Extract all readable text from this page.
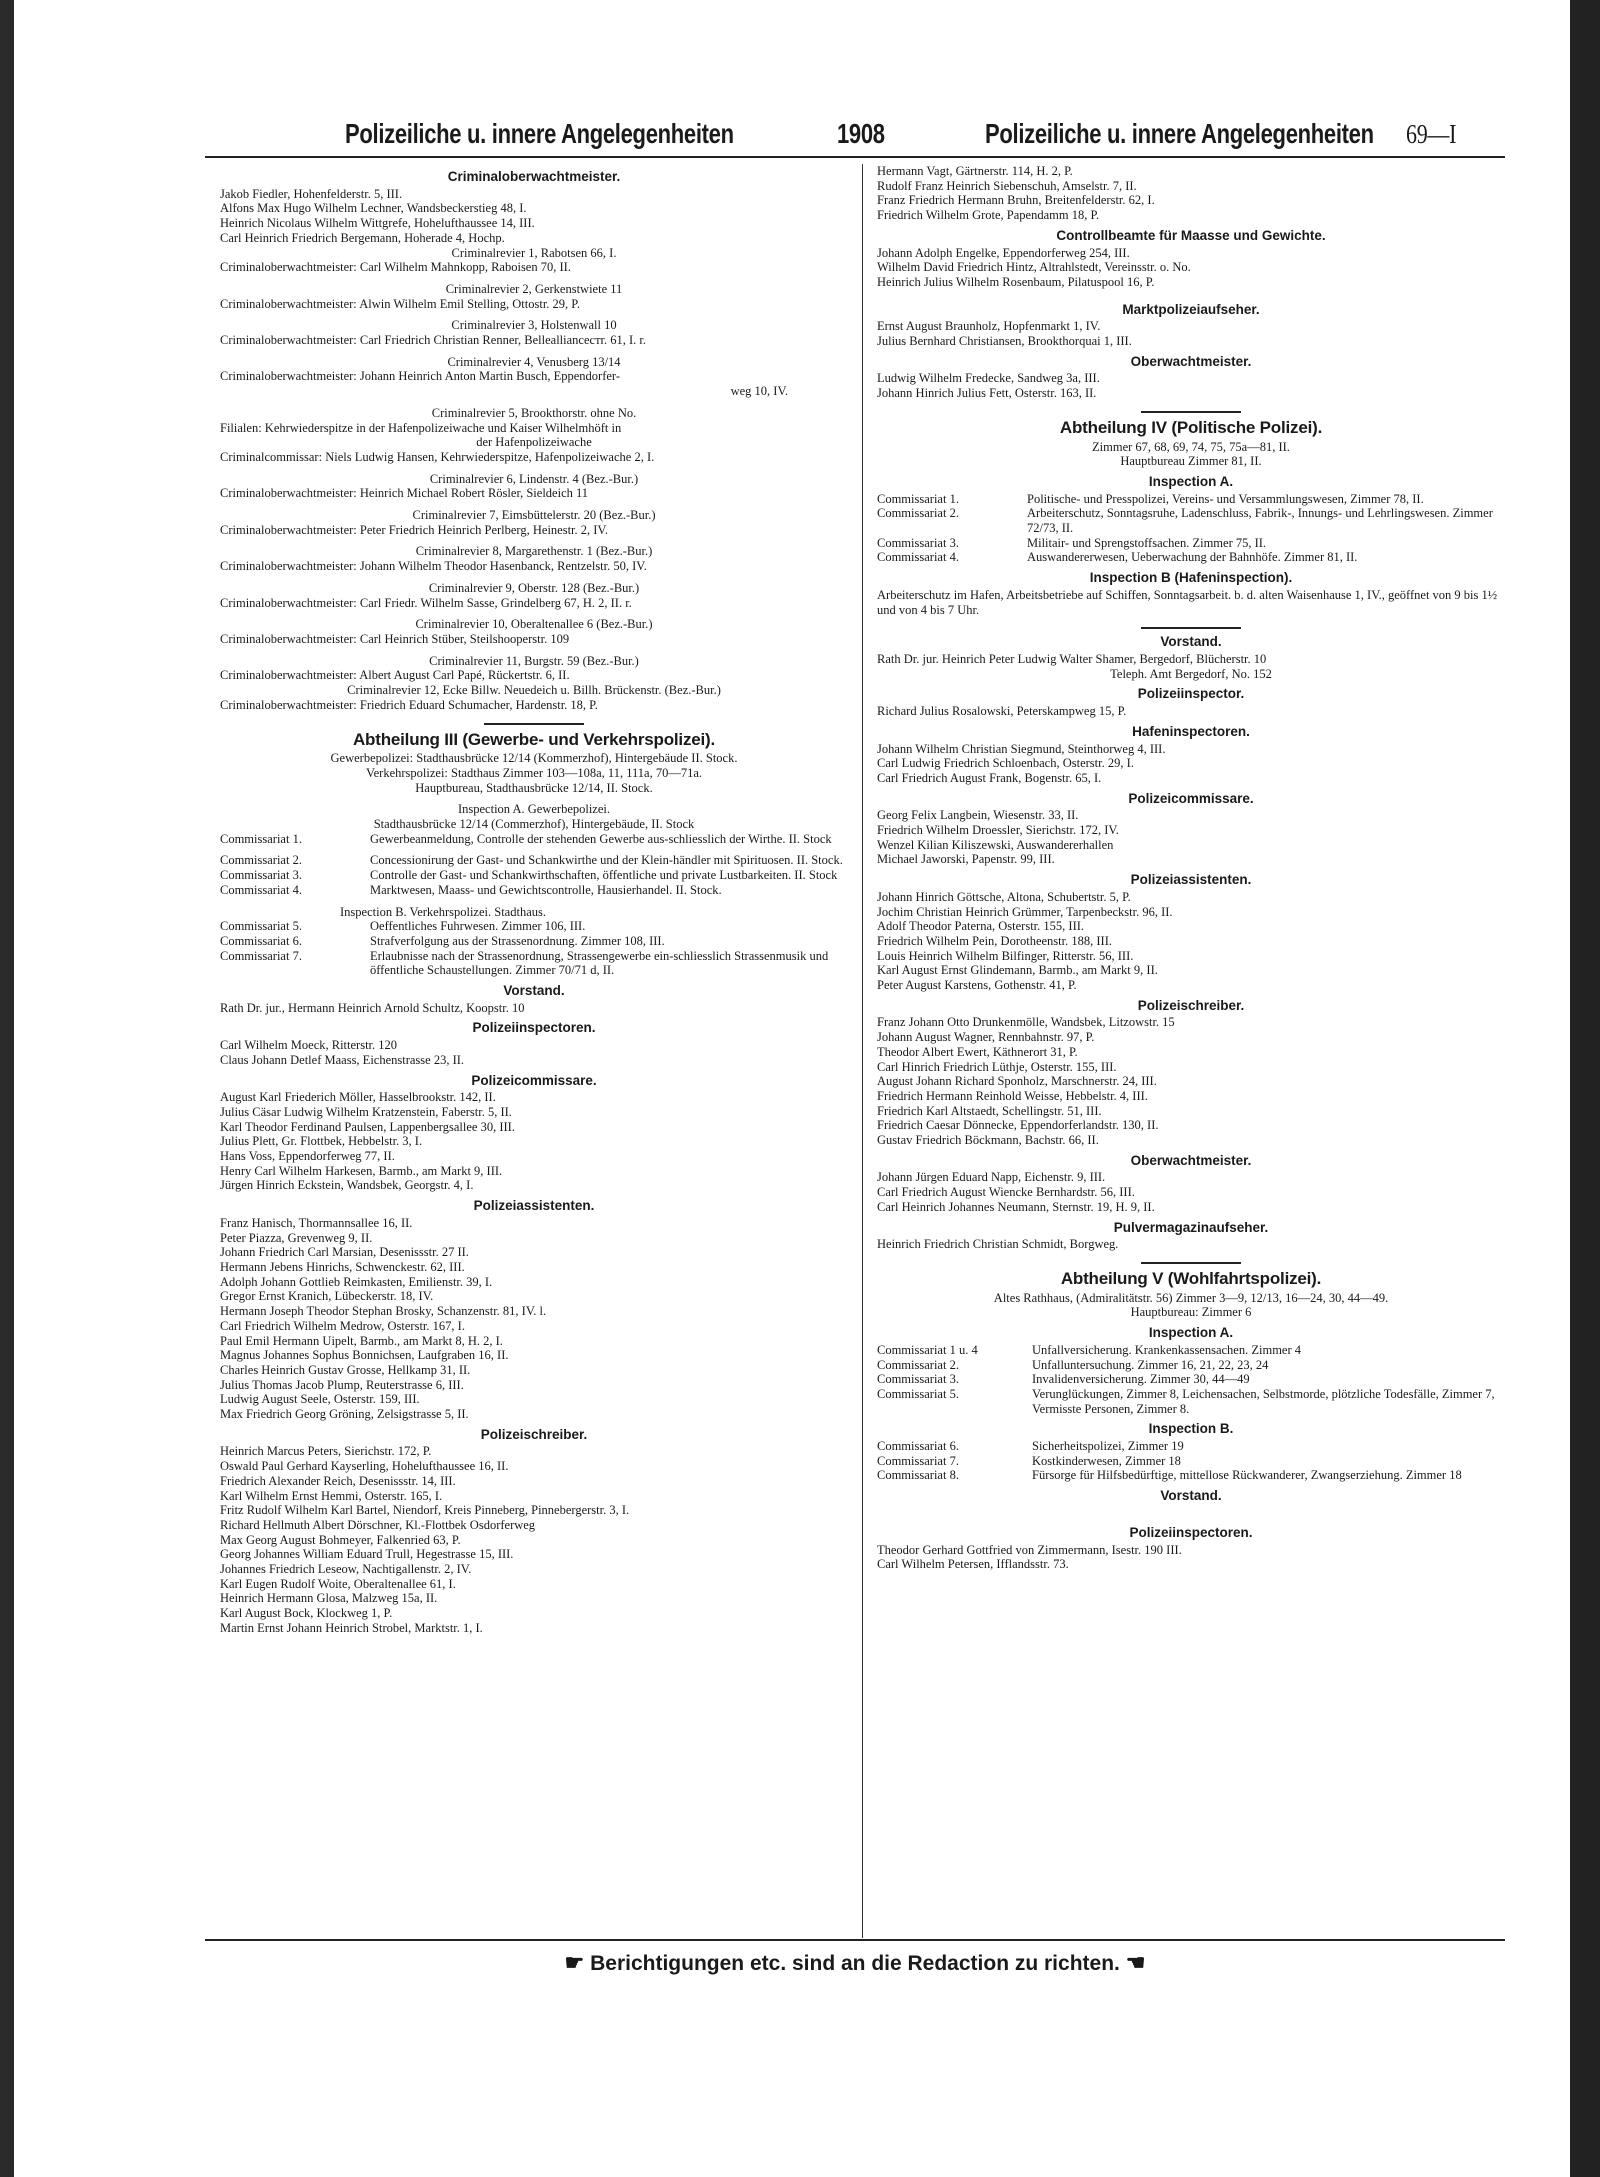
Polizeiliche u. innere Angelegenheiten	1908	Polizeiliche u. innere Angelegenheiten 69—I
Criminaloberwachtmeister.
Jakob Fiedler, Hohenfelderstr. 5, III.
Alfons Max Hugo Wilhelm Lechner, Wandsbeckerstieg 48, I.
Heinrich Nicolaus Wilhelm Wittgrefe, Hohelufthaussee 14, III.
Carl Heinrich Friedrich Bergemann, Hoherade 4, Hochp.
Criminalrevier 1, Rabotsen 66, I.
Criminaloberwachtmeister: Carl Wilhelm Mahnkopp, Raboisen 70, II.
Criminalrevier 2, Gerkenstwiete 11
Criminaloberwachtmeister: Alwin Wilhelm Emil Stelling, Ottostr. 29, P.
Criminalrevier 3, Holstenwall 10
Criminaloberwachtmeister: Carl Friedrich Christian Renner, Belleallianceстr. 61, I. r.
Criminalrevier 4, Venusberg 13/14
Criminaloberwachtmeister: Johann Heinrich Anton Martin Busch, Eppendorfer-
weg 10, IV.
Criminalrevier 5, Brookthorstr. ohne No.
Filialen: Kehrwiederspitze in der Hafenpolizeiwache und Kaiser Wilhelmhöft in
der Hafenpolizeiwache
Criminalcommissar: Niels Ludwig Hansen, Kehrwiederspitze, Hafenpolizeiwache 2, I.
Criminalrevier 6, Lindenstr. 4 (Bez.-Bur.)
Criminaloberwachtmeister: Heinrich Michael Robert Rösler, Sieldeich 11
Criminalrevier 7, Eimsbüttelerstr. 20 (Bez.-Bur.)
Criminaloberwachtmeister: Peter Friedrich Heinrich Perlberg, Heinestr. 2, IV.
Criminalrevier 8, Margarethenstr. 1 (Bez.-Bur.)
Criminaloberwachtmeister: Johann Wilhelm Theodor Hasenbanck, Rentzelstr. 50, IV.
Criminalrevier 9, Oberstr. 128 (Bez.-Bur.)
Criminaloberwachtmeister: Carl Friedr. Wilhelm Sasse, Grindelberg 67, H. 2, II. r.
Criminalrevier 10, Oberaltenallee 6 (Bez.-Bur.)
Criminaloberwachtmeister: Carl Heinrich Stüber, Steilshooperstr. 109
Criminalrevier 11, Burgstr. 59 (Bez.-Bur.)
Criminaloberwachtmeister: Albert August Carl Papé, Rückertstr. 6, II.
Criminalrevier 12, Ecke Billw. Neuedeich u. Billh. Brückenstr. (Bez.-Bur.)
Criminaloberwachtmeister: Friedrich Eduard Schumacher, Hardenstr. 18, P.
Abtheilung III (Gewerbe- und Verkehrspolizei).
Gewerbepolizei: Stadthausbrücke 12/14 (Kommerzhof), Hintergebäude II. Stock.
Verkehrspolizei: Stadthaus Zimmer 103—108a, 11, 111a, 70—71a.
Hauptbureau, Stadthausbrücke 12/14, II. Stock.
Inspection A. Gewerbepolizei.
Stadthausbrücke 12/14 (Commerzhof), Hintergebäude, II. Stock
Commissariat 1.	Gewerbeanmeldung, Controlle der stehenden Gewerbe aus-schliesslich der Wirthe. II. Stock
Commissariat 2.	Concessionirung der Gast- und Schankwirthe und der Klein-händler mit Spirituosen. II. Stock.
Commissariat 3.	Controlle der Gast- und Schankwirthschaften, öffentliche und private Lustbarkeiten. II. Stock
Commissariat 4.	Marktwesen, Maass- und Gewichtscontrolle, Hausierhandel. II. Stock.
Inspection B. Verkehrspolizei. Stadthaus.
Commissariat 5.	Oeffentliches Fuhrwesen. Zimmer 106, III.
Commissariat 6.	Strafverfolgung aus der Strassenordnung. Zimmer 108, III.
Commissariat 7.	Erlaubnisse nach der Strassenordnung, Strassengewerbe ein-schliesslich Strassenmusik und öffentliche Schaustellungen. Zimmer 70/71 d, II.
Vorstand.
Rath Dr. jur., Hermann Heinrich Arnold Schultz, Koopstr. 10
Polizeiinspectoren.
Carl Wilhelm Moeck, Ritterstr. 120
Claus Johann Detlef Maass, Eichenstrasse 23, II.
Polizeicommissare.
August Karl Friederich Möller, Hasselbrookstr. 142, II.
Julius Cäsar Ludwig Wilhelm Kratzenstein, Faberstr. 5, II.
Karl Theodor Ferdinand Paulsen, Lappenbergsallee 30, III.
Julius Plett, Gr. Flottbek, Hebbelstr. 3, I.
Hans Voss, Eppendorferweg 77, II.
Henry Carl Wilhelm Harkesen, Barmb., am Markt 9, III.
Jürgen Hinrich Eckstein, Wandsbek, Georgstr. 4, I.
Polizeiassistenten.
Franz Hanisch, Thormannsallee 16, II.
Peter Piazza, Grevenweg 9, II.
Johann Friedrich Carl Marsian, Desenissstr. 27 II.
Hermann Jebens Hinrichs, Schwenckestr. 62, III.
Adolph Johann Gottlieb Reimkasten, Emilienstr. 39, I.
Gregor Ernst Kranich, Lübeckerstr. 18, IV.
Hermann Joseph Theodor Stephan Brosky, Schanzenstr. 81, IV. l.
Carl Friedrich Wilhelm Medrow, Osterstr. 167, I.
Paul Emil Hermann Uipelt, Barmb., am Markt 8, H. 2, I.
Magnus Johannes Sophus Bonnichsen, Laufgraben 16, II.
Charles Heinrich Gustav Grosse, Hellkamp 31, II.
Julius Thomas Jacob Plump, Reuterstrasse 6, III.
Ludwig August Seele, Osterstr. 159, III.
Max Friedrich Georg Gröning, Zelsigstrasse 5, II.
Polizeischreiber.
Heinrich Marcus Peters, Sierichstr. 172, P.
Oswald Paul Gerhard Kayserling, Hohelufthaussee 16, II.
Friedrich Alexander Reich, Desenissstr. 14, III.
Karl Wilhelm Ernst Hemmi, Osterstr. 165, I.
Fritz Rudolf Wilhelm Karl Bartel, Niendorf, Kreis Pinneberg, Pinnebergerstr. 3, I.
Richard Hellmuth Albert Dörschner, Kl.-Flottbek Osdorferweg
Max Georg August Bohmeyer, Falkenried 63, P.
Georg Johannes William Eduard Trull, Hegestrasse 15, III.
Johannes Friedrich Leseow, Nachtigallenstr. 2, IV.
Karl Eugen Rudolf Woite, Oberaltenallee 61, I.
Heinrich Hermann Glosa, Malzweg 15a, II.
Karl August Bock, Klockweg 1, P.
Martin Ernst Johann Heinrich Strobel, Marktstr. 1, I.
Hermann Vagt, Gärtnerstr. 114, H. 2, P.
Rudolf Franz Heinrich Siebenschuh, Amselstr. 7, II.
Franz Friedrich Hermann Bruhn, Breitenfelderstr. 62, I.
Friedrich Wilhelm Grote, Papendamm 18, P.
Controllbeamte für Maasse und Gewichte.
Johann Adolph Engelke, Eppendorferweg 254, III.
Wilhelm David Friedrich Hintz, Altrahlstedt, Vereinsstr. o. No.
Heinrich Julius Wilhelm Rosenbaum, Pilatuspool 16, P.
Marktpolizeiaufseher.
Ernst August Braunholz, Hopfenmarkt 1, IV.
Julius Bernhard Christiansen, Brookthorquai 1, III.
Oberwachtmeister.
Ludwig Wilhelm Fredecke, Sandweg 3a, III.
Johann Hinrich Julius Fett, Osterstr. 163, II.
Abtheilung IV (Politische Polizei).
Zimmer 67, 68, 69, 74, 75, 75a—81, II.
Hauptbureau Zimmer 81, II.
Inspection A.
Commissariat 1.	Politische- und Presspolizei, Vereins- und Versammlungswesen, Zimmer 78, II.
Commissariat 2.	Arbeiterschutz, Sonntagsruhe, Ladenschluss, Fabrik-, Innungs- und Lehrlingswesen. Zimmer 72/73, II.
Commissariat 3.	Militair- und Sprengstoffsachen. Zimmer 75, II.
Commissariat 4.	Auswandererwesen, Ueberwachung der Bahnhöfe. Zimmer 81, II.
Inspection B (Hafeninspection).
Arbeiterschutz im Hafen, Arbeitsbetriebe auf Schiffen, Sonntagsarbeit. b. d. alten Waisenhause 1, IV., geöffnet von 9 bis 1½ und von 4 bis 7 Uhr.
Vorstand.
Rath Dr. jur. Heinrich Peter Ludwig Walter Shamer, Bergedorf, Blücherstr. 10
Teleph. Amt Bergedorf, No. 152
Polizeiinspector.
Richard Julius Rosalowski, Peterskampweg 15, P.
Hafeninspectoren.
Johann Wilhelm Christian Siegmund, Steinthorweg 4, III.
Carl Ludwig Friedrich Schloenbach, Osterstr. 29, I.
Carl Friedrich August Frank, Bogenstr. 65, I.
Polizeicommissare.
Georg Felix Langbein, Wiesenstr. 33, II.
Friedrich Wilhelm Droessler, Sierichstr. 172, IV.
Wenzel Kilian Kiliszewski, Auswandererhallen
Michael Jaworski, Papenstr. 99, III.
Polizeiassistenten.
Johann Hinrich Göttsche, Altona, Schubertstr. 5, P.
Jochim Christian Heinrich Grümmer, Tarpenbeckstr. 96, II.
Adolf Theodor Paterna, Osterstr. 155, III.
Friedrich Wilhelm Pein, Dorotheenstr. 188, III.
Louis Heinrich Wilhelm Bilfinger, Ritterstr. 56, III.
Karl August Ernst Glindemann, Barmb., am Markt 9, II.
Peter August Karstens, Gothenstr. 41, P.
Polizeischreiber.
Franz Johann Otto Drunkenmölle, Wandsbek, Litzowstr. 15
Johann August Wagner, Rennbahnstr. 97, P.
Theodor Albert Ewert, Käthnerort 31, P.
Carl Hinrich Friedrich Lüthje, Osterstr. 155, III.
August Johann Richard Sponholz, Marschnerstr. 24, III.
Friedrich Hermann Reinhold Weisse, Hebbelstr. 4, III.
Friedrich Karl Altstaedt, Schellingstr. 51, III.
Friedrich Caesar Dönnecke, Eppendorferlandstr. 130, II.
Gustav Friedrich Böckmann, Bachstr. 66, II.
Oberwachtmeister.
Johann Jürgen Eduard Napp, Eichenstr. 9, III.
Carl Friedrich August Wiencke Bernhardstr. 56, III.
Carl Heinrich Johannes Neumann, Sternstr. 19, H. 9, II.
Pulvermagazinaufseher.
Heinrich Friedrich Christian Schmidt, Borgweg.
Abtheilung V (Wohlfahrtspolizei).
Altes Rathhaus, (Admiralitätstr. 56) Zimmer 3—9, 12/13, 16—24, 30, 44—49.
Hauptbureau: Zimmer 6
Inspection A.
Commissariat 1 u. 4	Unfallversicherung. Krankenkassensachen. Zimmer 4
Commissariat 2.	Unfalluntersuchung. Zimmer 16, 21, 22, 23, 24
Commissariat 3.	Invalidenversicherung. Zimmer 30, 44—49
Commissariat 5.	Verunglückungen, Zimmer 8, Leichensachen, Selbstmorde, plötzliche Todesfälle, Zimmer 7, Vermisste Personen, Zimmer 8.
Inspection B.
Commissariat 6.	Sicherheitspolizei, Zimmer 19
Commissariat 7.	Kostkinderwesen, Zimmer 18
Commissariat 8.	Fürsorge für Hilfsbedürftige, mittellose Rückwanderer, Zwangserziehung. Zimmer 18
Vorstand.
Polizeiinspectoren.
Theodor Gerhard Gottfried von Zimmermann, Isestr. 190 III.
Carl Wilhelm Petersen, Ifflandsstr. 73.
☛ Berichtigungen etc. sind an die Redaction zu richten. ☚
